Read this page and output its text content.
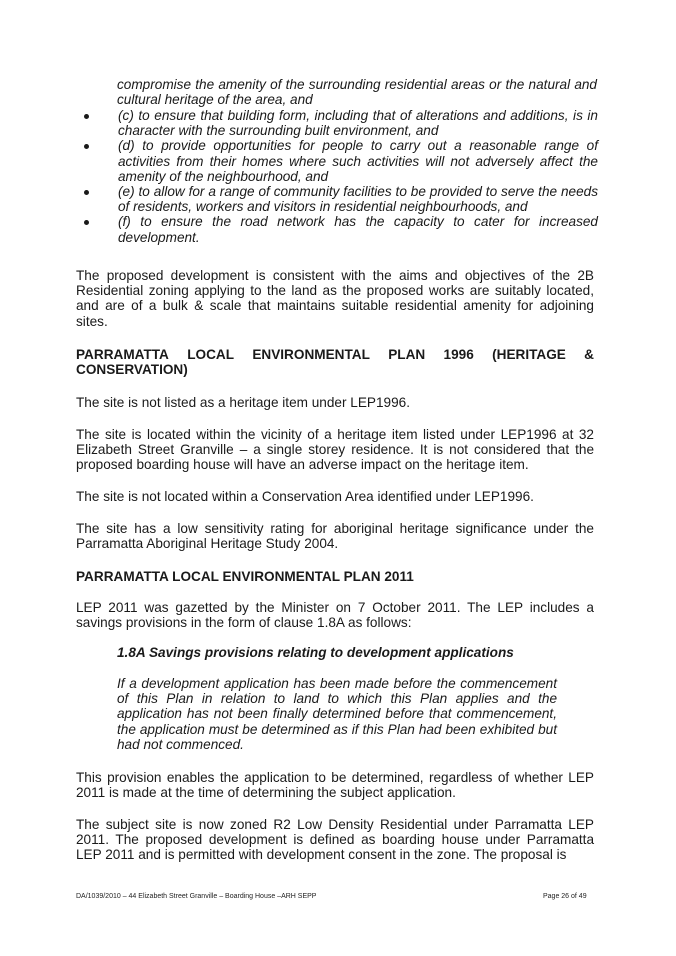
compromise the amenity of the surrounding residential areas or the natural and cultural heritage of the area, and

(c) to ensure that building form, including that of alterations and additions, is in character with the surrounding built environment, and
(d) to provide opportunities for people to carry out a reasonable range of activities from their homes where such activities will not adversely affect the amenity of the neighbourhood, and
(e) to allow for a range of community facilities to be provided to serve the needs of residents, workers and visitors in residential neighbourhoods, and
(f) to ensure the road network has the capacity to cater for increased development.

The proposed development is consistent with the aims and objectives of the 2B Residential zoning applying to the land as the proposed works are suitably located, and are of a bulk & scale that maintains suitable residential amenity for adjoining sites.

PARRAMATTA LOCAL ENVIRONMENTAL PLAN 1996 (HERITAGE &
CONSERVATION)

The site is not listed as a heritage item under LEP1996.

The site is located within the vicinity of a heritage item listed under LEP1996 at 32 Elizabeth Street Granville – a single storey residence. It is not considered that the proposed boarding house will have an adverse impact on the heritage item.

The site is not located within a Conservation Area identified under LEP1996.

The site has a low sensitivity rating for aboriginal heritage significance under the Parramatta Aboriginal Heritage Study 2004.

PARRAMATTA LOCAL ENVIRONMENTAL PLAN 2011

LEP 2011 was gazetted by the Minister on 7 October 2011. The LEP includes a savings provisions in the form of clause 1.8A as follows:

1.8A Savings provisions relating to development applications

If a development application has been made before the commencement of this Plan in relation to land to which this Plan applies and the application has not been finally determined before that commencement, the application must be determined as if this Plan had been exhibited but had not commenced.

This provision enables the application to be determined, regardless of whether LEP 2011 is made at the time of determining the subject application.

The subject site is now zoned R2 Low Density Residential under Parramatta LEP 2011. The proposed development is defined as boarding house under Parramatta LEP 2011 and is permitted with development consent in the zone. The proposal is

DA/1039/2010 – 44 Elizabeth Street Granville – Boarding House –ARH SEPP	Page 26 of 49
